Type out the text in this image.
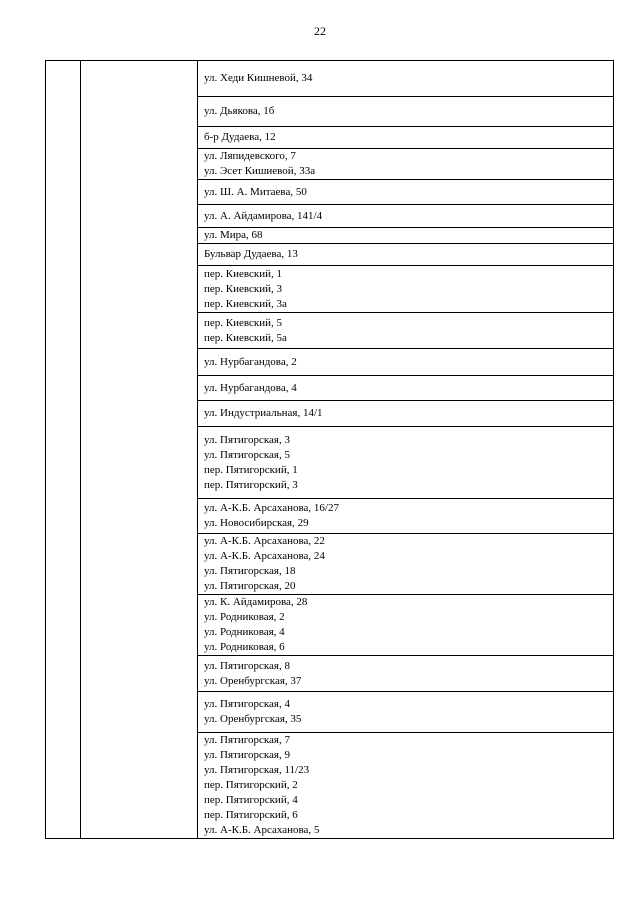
22

ул. Хеди Кишневой, 34

ул. Дьякова, 1б

б-р Дудаева, 12

ул. Ляпидевского, 7
ул. Эсет Кишиевой, 33а

ул. Ш. А. Митаева, 50

ул. А. Айдамирова, 141/4

ул. Мира, 68

Бульвар Дудаева, 13

пер. Киевский, 1
пер. Киевский, 3
пер. Киевский, 3а

пер. Киевский, 5
пер. Киевский, 5а

ул. Нурбагандова, 2

ул. Нурбагандова, 4

ул. Индустриальная, 14/1

ул. Пятигорская, 3
ул. Пятигорская, 5
пер. Пятигорский, 1
пер. Пятигорский, 3

ул. А-К.Б. Арсаханова, 16/27
ул. Новосибирская, 29

ул. А-К.Б. Арсаханова, 22
ул. А-К.Б. Арсаханова, 24
ул. Пятигорская, 18
ул. Пятигорская, 20

ул. К. Айдамирова, 28
ул. Родниковая, 2
ул. Родниковая, 4
ул. Родниковая, 6

ул. Пятигорская, 8
ул. Оренбургская, 37

ул. Пятигорская, 4
ул. Оренбургская, 35

ул. Пятигорская, 7
ул. Пятигорская, 9
ул. Пятигорская, 11/23
пер. Пятигорский, 2
пер. Пятигорский, 4
пер. Пятигорский, 6
ул. А-К.Б. Арсаханова, 5
